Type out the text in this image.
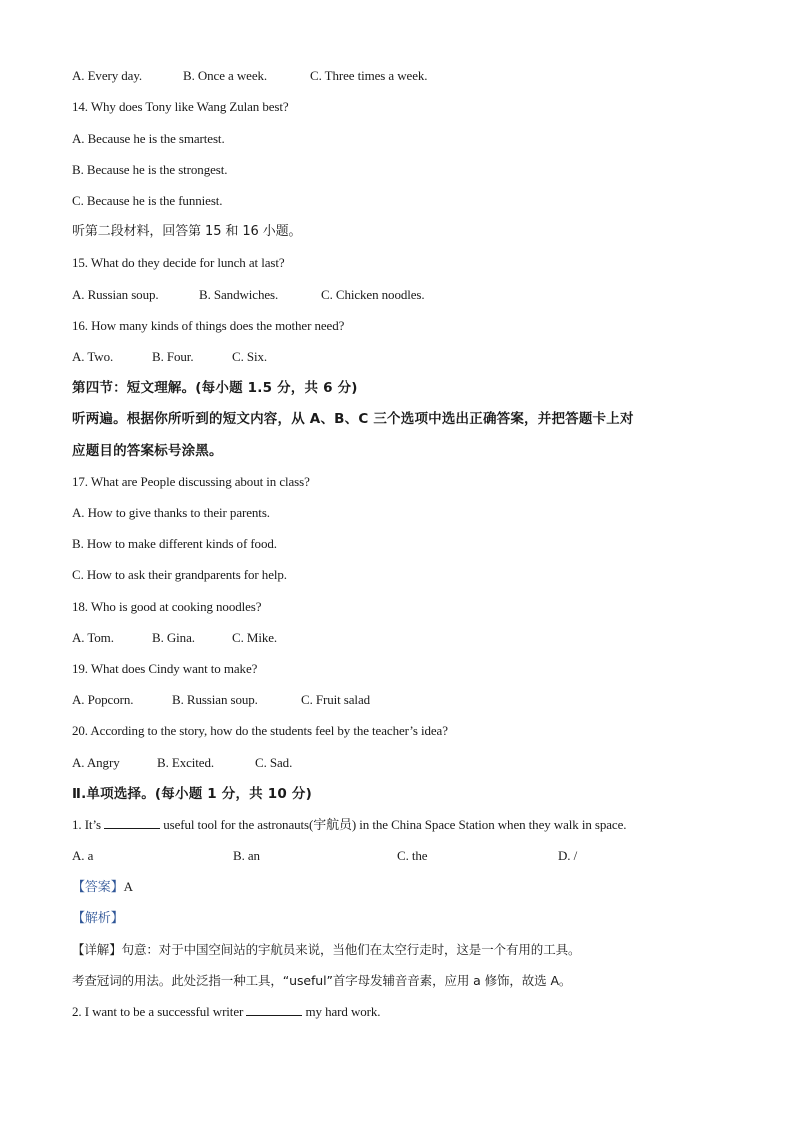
A. Every day.	B. Once a week.	C. Three times a week.
14. Why does Tony like Wang Zulan best?
A. Because he is the smartest.
B. Because he is the strongest.
C. Because he is the funniest.
听第二段材料，回答第 15 和 16 小题。
15. What do they decide for lunch at last?
A. Russian soup.	B. Sandwiches.	C. Chicken noodles.
16. How many kinds of things does the mother need?
A. Two.	B. Four.	C. Six.
第四节：短文理解。(每小题 1.5 分，共 6 分)
听两遍。根据你所听到的短文内容，从 A、B、C 三个选项中选出正确答案，并把答题卡上对
应题目的答案标号涂黑。
17. What are People discussing about in class?
A. How to give thanks to their parents.
B. How to make different kinds of food.
C. How to ask their grandparents for help.
18. Who is good at cooking noodles?
A. Tom.	B. Gina.	C. Mike.
19. What does Cindy want to make?
A. Popcorn.	B. Russian soup.	C. Fruit salad
20. According to the story, how do the students feel by the teacher’s idea?
A. Angry	B. Excited.	C. Sad.
Ⅱ.单项选择。(每小题 1 分，共 10 分)
1. It’s	useful tool for the astronauts(宇航员) in the China Space Station when they walk in space.
A. a	B. an	C. the	D. /
【答案】A
【解析】
【详解】句意：对于中国空间站的宇航员来说，当他们在太空行走时，这是一个有用的工具。
考查冠词的用法。此处泛指一种工具，“useful”首字母发辅音音素，应用 a 修饰，故选 A。
2. I want to be a successful writer	my hard work.
